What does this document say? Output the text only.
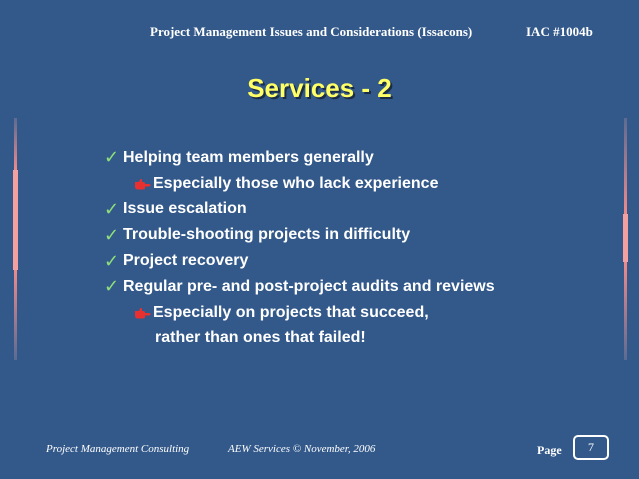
Project Management Issues and Considerations (Issacons)	IAC #1004b
Services - 2
✓ Helping team members generally
Especially those who lack experience
✓ Issue escalation
✓ Trouble-shooting projects in difficulty
✓ Project recovery
✓ Regular pre- and post-project audits and reviews
Especially on projects that succeed,
rather than ones that failed!
Project Management Consulting	AEW Services © November, 2006	Page 7
